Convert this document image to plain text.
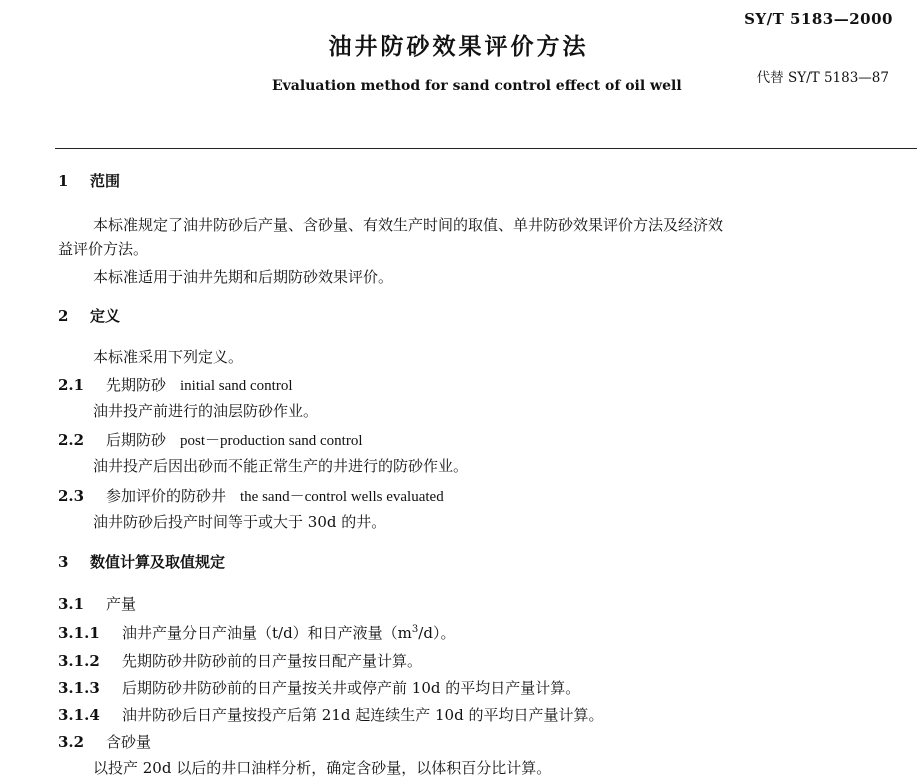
SY/T 5183—2000
油井防砂效果评价方法
Evaluation method for sand control effect of oil well	代替 SY/T 5183—87
1 范围
本标准规定了油井防砂后产量、含砂量、有效生产时间的取值、单井防砂效果评价方法及经济效
益评价方法。
本标准适用于油井先期和后期防砂效果评价。
2 定义
本标准采用下列定义。
2.1 先期防砂 initial sand control
油井投产前进行的油层防砂作业。
2.2 后期防砂 post－production sand control
油井投产后因出砂而不能正常生产的井进行的防砂作业。
2.3 参加评价的防砂井 the sand－control wells evaluated
油井防砂后投产时间等于或大于 30d 的井。
3 数值计算及取值规定
3.1 产量
3.1.1 油井产量分日产油量（t/d）和日产液量$(m^3/d)$。
3.1.2 先期防砂井防砂前的日产量按日配产量计算。
3.1.3 后期防砂井防砂前的日产量按关井或停产前 10d 的平均日产量计算。
3.1.4 油井防砂后日产量按投产后第 21d 起连续生产 10d 的平均日产量计算。
3.2 含砂量
以投产 20d 以后的井口油样分析，确定含砂量，以体积百分比计算。
